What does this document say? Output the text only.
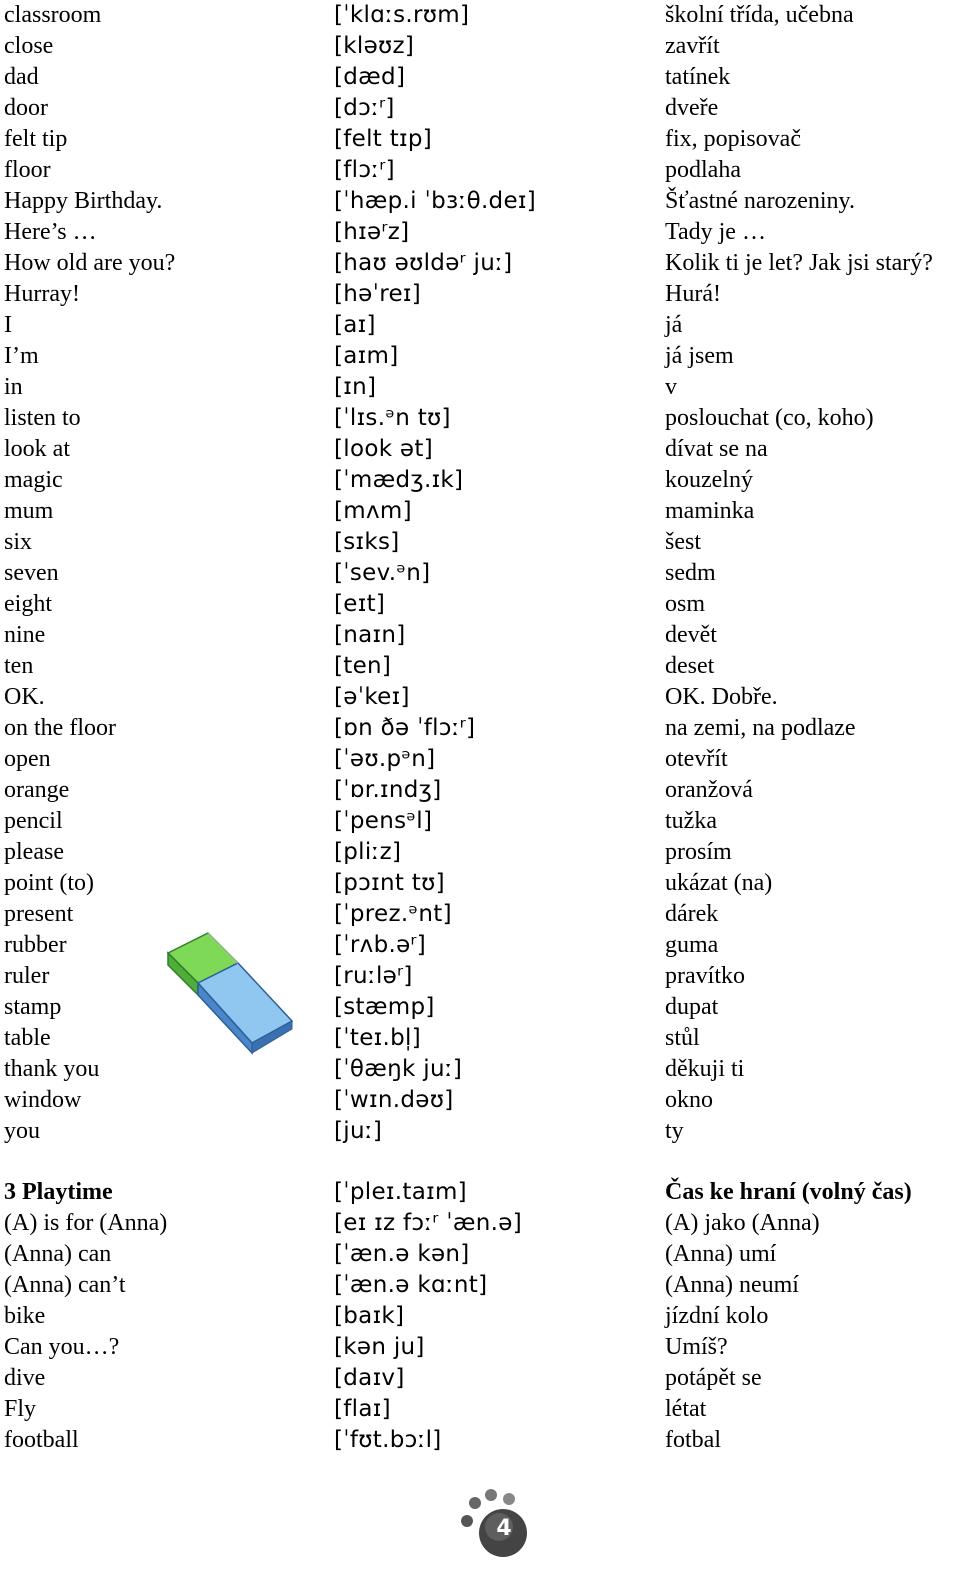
classroom	[ˈklɑːs.rʊm]	školní třída, učebna
close	[kləʊz]	zavřít
dad	[dæd]	tatínek
door	[dɔːʳ]	dveře
felt tip	[felt tɪp]	fix, popisovač
floor	[flɔːʳ]	podlaha
Happy Birthday.	[ˈhæp.i ˈbɜːθ.deɪ]	Šťastné narozeniny.
Here’s …	[hɪəʳz]	Tady je …
How old are you?	[haʊ əʊldəʳ juː]	Kolik ti je let? Jak jsi starý?
Hurray!	[həˈreɪ]	Hurá!
I	[aɪ]	já
I’m	[aɪm]	já jsem
in	[ɪn]	v
listen to	[ˈlɪs.ᵊn tʊ]	poslouchat (co, koho)
look at	[look ət]	dívat se na
magic	[ˈmædʒ.ɪk]	kouzelný
mum	[mʌm]	maminka
six	[sɪks]	šest
seven	[ˈsev.ᵊn]	sedm
eight	[eɪt]	osm
nine	[naɪn]	devět
ten	[ten]	deset
OK.	[əˈkeɪ]	OK. Dobře.
on the floor	[ɒn ðə ˈflɔːʳ]	na zemi, na podlaze
open	[ˈəʊ.pᵊn]	otevřít
orange	[ˈɒr.ɪndʒ]	oranžová
pencil	[ˈpensᵊl]	tužka
please	[pliːz]	prosím
point (to)	[pɔɪnt tʊ]	ukázat (na)
present	[ˈprez.ᵊnt]	dárek
rubber	[ˈrʌb.əʳ]	guma
ruler	[ruːləʳ]	pravítko
stamp	[stæmp]	dupat
table	[ˈteɪ.bl̩]	stůl
thank you	[ˈθæŋk juː]	děkuji ti
window	[ˈwɪn.dəʊ]	okno
you	[juː]	ty
3 Playtime	[ˈpleɪ.taɪm]	Čas ke hraní (volný čas)
(A) is for (Anna)	[eɪ ɪz fɔːʳ ˈæn.ə]	(A) jako (Anna)
(Anna) can	[ˈæn.ə kən]	(Anna) umí
(Anna) can’t	[ˈæn.ə kɑːnt]	(Anna) neumí
bike	[baɪk]	jízdní kolo
Can you…?	[kən ju]	Umíš?
dive	[daɪv]	potápět se
Fly	[flaɪ]	létat
football	[ˈfʊt.bɔːl]	fotbal
4
